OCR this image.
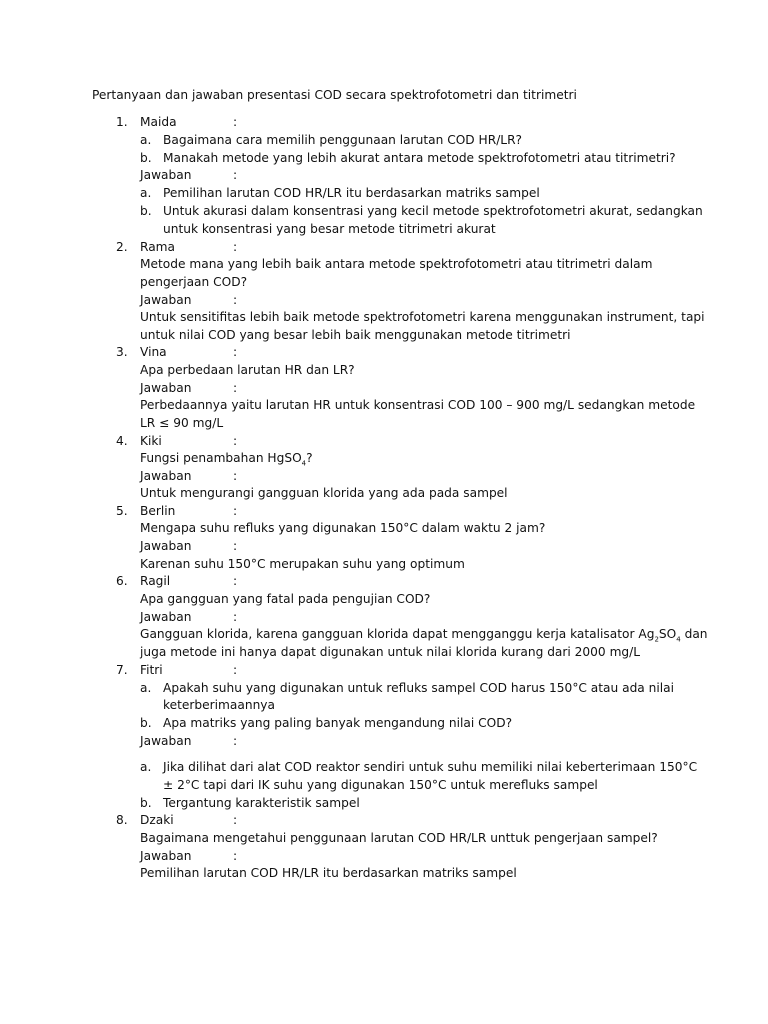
Pertanyaan dan jawaban presentasi COD secara spektrofotometri dan titrimetri
1. Maida	:
a. Bagaimana cara memilih penggunaan larutan COD HR/LR?
b. Manakah metode yang lebih akurat antara metode spektrofotometri atau titrimetri?
Jawaban	:
a. Pemilihan larutan COD HR/LR itu berdasarkan matriks sampel
b. Untuk akurasi dalam konsentrasi yang kecil metode spektrofotometri akurat, sedangkan
untuk konsentrasi yang besar metode titrimetri akurat
2. Rama	:
Metode mana yang lebih baik antara metode spektrofotometri atau titrimetri dalam
pengerjaan COD?
Jawaban	:
Untuk sensitifitas lebih baik metode spektrofotometri karena menggunakan instrument, tapi
untuk nilai COD yang besar lebih baik menggunakan metode titrimetri
3. Vina	:
Apa perbedaan larutan HR dan LR?
Jawaban	:
Perbedaannya yaitu larutan HR untuk konsentrasi COD 100 – 900 mg/L sedangkan metode
LR ≤ 90 mg/L
4. Kiki	:
Fungsi penambahan HgSO$_4$?
Jawaban	:
Untuk mengurangi gangguan klorida yang ada pada sampel
5. Berlin	:
Mengapa suhu refluks yang digunakan 150°C dalam waktu 2 jam?
Jawaban	:
Karenan suhu 150°C merupakan suhu yang optimum
6. Ragil	:
Apa gangguan yang fatal pada pengujian COD?
Jawaban	:
Gangguan klorida, karena gangguan klorida dapat mengganggu kerja katalisator $Ag_2SO_4$ dan
juga metode ini hanya dapat digunakan untuk nilai klorida kurang dari 2000 mg/L
7. Fitri	:
a. Apakah suhu yang digunakan untuk refluks sampel COD harus 150°C atau ada nilai
keterberimaannya
b. Apa matriks yang paling banyak mengandung nilai COD?
Jawaban	:
a. Jika dilihat dari alat COD reaktor sendiri untuk suhu memiliki nilai keberterimaan 150°C
± 2°C tapi dari IK suhu yang digunakan 150°C untuk merefluks sampel
b. Tergantung karakteristik sampel
8. Dzaki	:
Bagaimana mengetahui penggunaan larutan COD HR/LR unttuk pengerjaan sampel?
Jawaban	:
Pemilihan larutan COD HR/LR itu berdasarkan matriks sampel
